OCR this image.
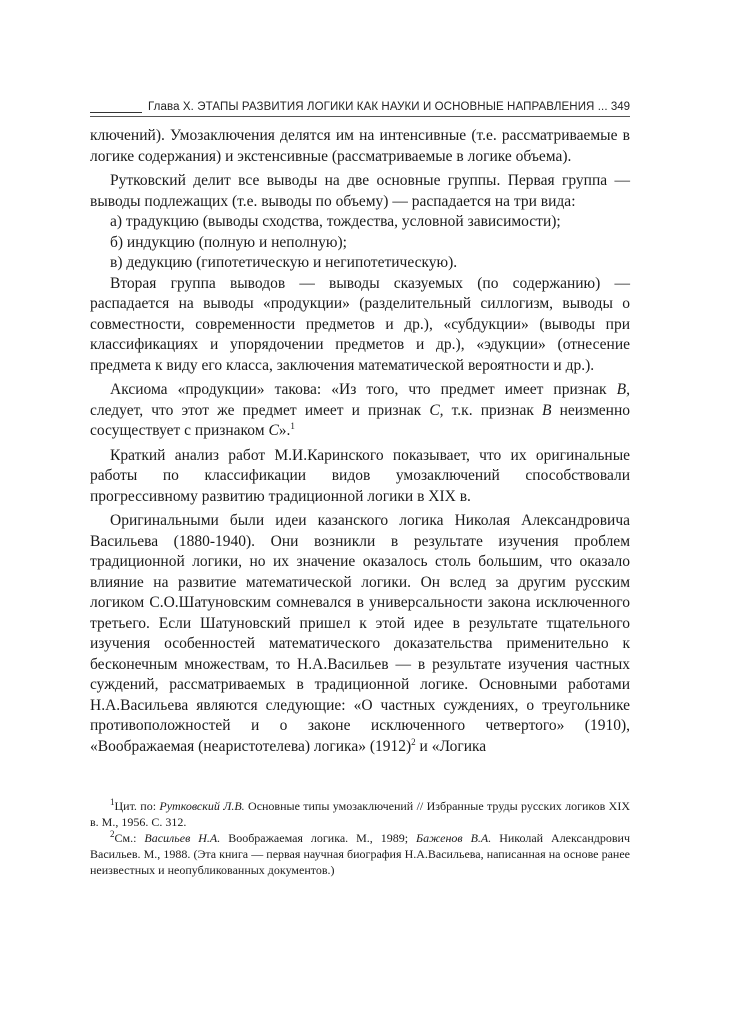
Глава X. ЭТАПЫ РАЗВИТИЯ ЛОГИКИ КАК НАУКИ И ОСНОВНЫЕ НАПРАВЛЕНИЯ ... 349

ключений). Умозаключения делятся им на интенсивные (т.е. рассматриваемые в логике содержания) и экстенсивные (рассматриваемые в логике объема).

Рутковский делит все выводы на две основные группы. Первая группа — выводы подлежащих (т.е. выводы по объему) — распадается на три вида:

а) традукцию (выводы сходства, тождества, условной зависимости);

б) индукцию (полную и неполную);

в) дедукцию (гипотетическую и негипотетическую).

Вторая группа выводов — выводы сказуемых (по содержанию) — распадается на выводы «продукции» (разделительный силлогизм, выводы о совместности, современности предметов и др.), «субдукции» (выводы при классификациях и упорядочении предметов и др.), «эдукции» (отнесение предмета к виду его класса, заключения математической вероятности и др.).

Аксиома «продукции» такова: «Из того, что предмет имеет признак В, следует, что этот же предмет имеет и признак С, т.к. признак В неизменно сосуществует с признаком С».$^1$

Краткий анализ работ М.И.Каринского показывает, что их оригинальные работы по классификации видов умозаключений способствовали прогрессивному развитию традиционной логики в XIX в.

Оригинальными были идеи казанского логика Николая Александровича Васильева (1880-1940). Они возникли в результате изучения проблем традиционной логики, но их значение оказалось столь большим, что оказало влияние на развитие математической логики. Он вслед за другим русским логиком С.О.Шатуновским сомневался в универсальности закона исключенного третьего. Если Шатуновский пришел к этой идее в результате тщательного изучения особенностей математического доказательства применительно к бесконечным множествам, то Н.А.Васильев — в результате изучения частных суждений, рассматриваемых в традиционной логике. Основными работами Н.А.Васильева являются следующие: «О частных суждениях, о треугольнике противоположностей и о законе исключенного четвертого» (1910), «Воображаемая (неаристотелева) логика» $(1912)^2$ и «Логика

$^1$Цит. по: Рутковский Л.В. Основные типы умозаключений // Избранные труды русских логиков XIX в. М., 1956. С. 312.

$^2$См.: Васильев Н.А. Воображаемая логика. М., 1989; Баженов В.А. Николай Александрович Васильев. М., 1988. (Эта книга — первая научная биография Н.А.Васильева, написанная на основе ранее неизвестных и неопубликованных документов.)
